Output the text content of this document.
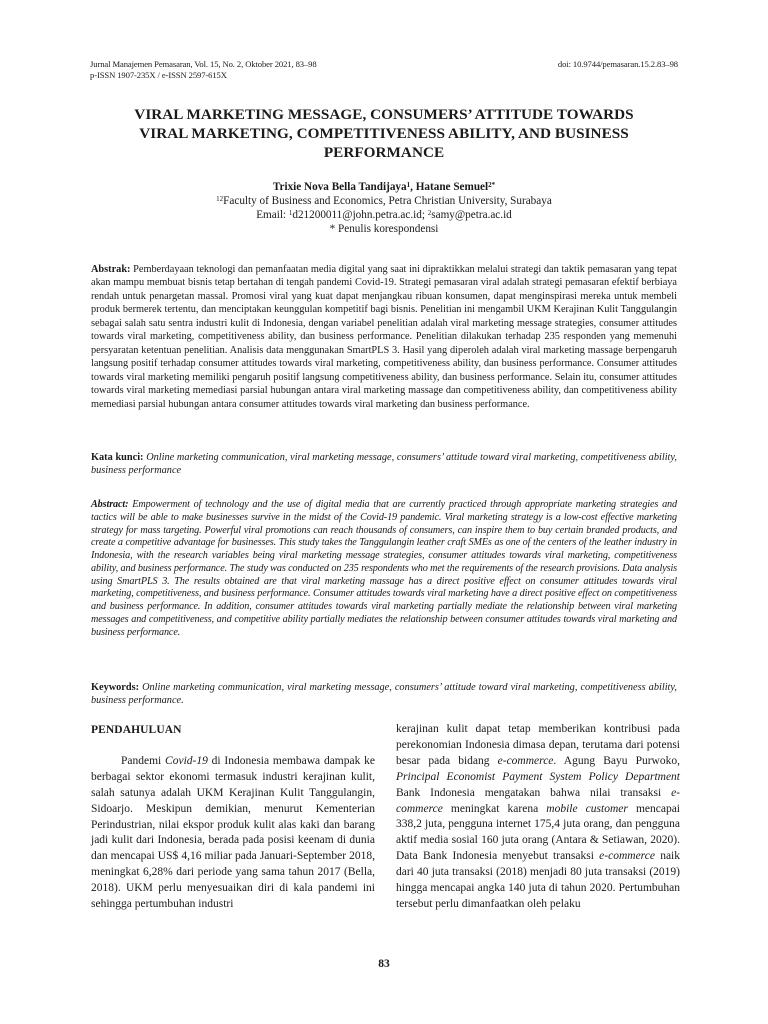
Jurnal Manajemen Pemasaran, Vol. 15, No. 2, Oktober 2021, 83–98
p-ISSN 1907-235X / e-ISSN 2597-615X
doi: 10.9744/pemasaran.15.2.83–98
VIRAL MARKETING MESSAGE, CONSUMERS’ ATTITUDE TOWARDS
VIRAL MARKETING, COMPETITIVENESS ABILITY, AND BUSINESS
PERFORMANCE
Trixie Nova Bella Tandijaya$^1$, Hatane Semuel$^{2*}$
$^{12}$Faculty of Business and Economics, Petra Christian University, Surabaya
Email: $^1$d21200011@john.petra.ac.id; $^2$samy@petra.ac.id
* Penulis korespondensi
Abstrak: Pemberdayaan teknologi dan pemanfaatan media digital yang saat ini dipraktikkan melalui strategi dan taktik pemasaran yang tepat akan mampu membuat bisnis tetap bertahan di tengah pandemi Covid-19. Strategi pemasaran viral adalah strategi pemasaran efektif berbiaya rendah untuk penargetan massal. Promosi viral yang kuat dapat menjangkau ribuan konsumen, dapat menginspirasi mereka untuk membeli produk bermerek tertentu, dan menciptakan keunggulan kompetitif bagi bisnis. Penelitian ini mengambil UKM Kerajinan Kulit Tanggulangin sebagai salah satu sentra industri kulit di Indonesia, dengan variabel penelitian adalah viral marketing message strategies, consumer attitudes towards viral marketing, competitiveness ability, dan business performance. Penelitian dilakukan terhadap 235 responden yang memenuhi persyaratan ketentuan penelitian. Analisis data menggunakan SmartPLS 3. Hasil yang diperoleh adalah viral marketing massage berpengaruh langsung positif terhadap consumer attitudes towards viral marketing, competitiveness ability, dan business performance. Consumer attitudes towards viral marketing memiliki pengaruh positif langsung competitiveness ability, dan business performance. Selain itu, consumer attitudes towards viral marketing memediasi parsial hubungan antara viral marketing massage dan competitiveness ability, dan competitiveness ability memediasi parsial hubungan antara consumer attitudes towards viral marketing dan business performance.
Kata kunci: Online marketing communication, viral marketing message, consumers’ attitude toward viral marketing, competitiveness ability, business performance
Abstract: Empowerment of technology and the use of digital media that are currently practiced through appropriate marketing strategies and tactics will be able to make businesses survive in the midst of the Covid-19 pandemic. Viral marketing strategy is a low-cost effective marketing strategy for mass targeting. Powerful viral promotions can reach thousands of consumers, can inspire them to buy certain branded products, and create a competitive advantage for businesses. This study takes the Tanggulangin leather craft SMEs as one of the centers of the leather industry in Indonesia, with the research variables being viral marketing message strategies, consumer attitudes towards viral marketing, competitiveness ability, and business performance. The study was conducted on 235 respondents who met the requirements of the research provisions. Data analysis using SmartPLS 3. The results obtained are that viral marketing massage has a direct positive effect on consumer attitudes towards viral marketing, competitiveness, and business performance. Consumer attitudes towards viral marketing have a direct positive effect on competitiveness and business performance. In addition, consumer attitudes towards viral marketing partially mediate the relationship between viral marketing messages and competitiveness, and competitive ability partially mediates the relationship between consumer attitudes towards viral marketing and business performance.
Keywords: Online marketing communication, viral marketing message, consumers’ attitude toward viral marketing, competitiveness ability, business performance.
PENDAHULUAN

Pandemi Covid-19 di Indonesia membawa dampak ke berbagai sektor ekonomi termasuk industri kerajinan kulit, salah satunya adalah UKM Kerajinan Kulit Tanggulangin, Sidoarjo. Meskipun demikian, menurut Kementerian Perindustrian, nilai ekspor produk kulit alas kaki dan barang jadi kulit dari Indonesia, berada pada posisi keenam di dunia dan mencapai US$ 4,16 miliar pada Januari-September 2018, meningkat 6,28% dari periode yang sama tahun 2017 (Bella, 2018). UKM perlu menyesuaikan diri di kala pandemi ini sehingga pertumbuhan industri

kerajinan kulit dapat tetap memberikan kontribusi pada perekonomian Indonesia dimasa depan, terutama dari potensi besar pada bidang e-commerce. Agung Bayu Purwoko, Principal Economist Payment System Policy Department Bank Indonesia mengatakan bahwa nilai transaksi e-commerce meningkat karena mobile customer mencapai 338,2 juta, pengguna internet 175,4 juta orang, dan pengguna aktif media sosial 160 juta orang (Antara & Setiawan, 2020). Data Bank Indonesia menyebut transaksi e-commerce naik dari 40 juta transaksi (2018) menjadi 80 juta transaksi (2019) hingga mencapai angka 140 juta di tahun 2020. Pertumbuhan tersebut perlu dimanfaatkan oleh pelaku

83
